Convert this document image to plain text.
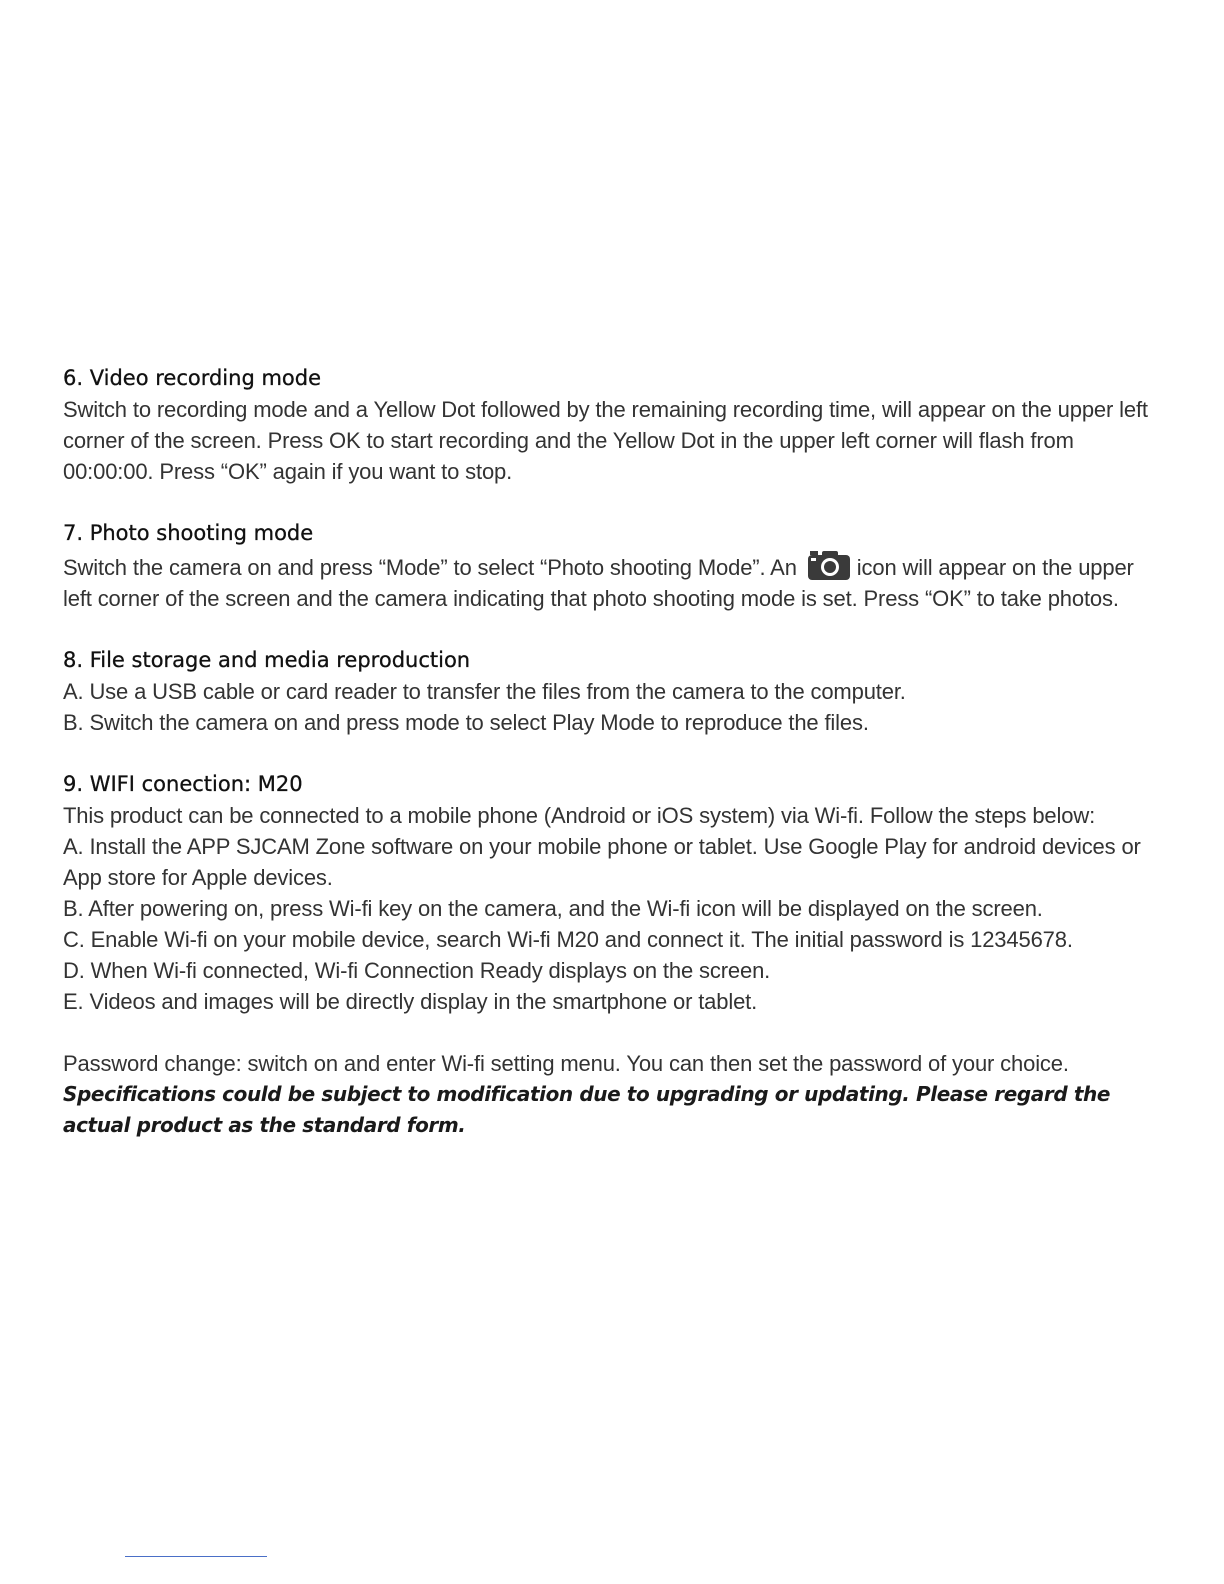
6. Video recording mode

Switch to recording mode and a Yellow Dot followed by the remaining recording time, will appear on the upper left corner of the screen. Press OK to start recording and the Yellow Dot in the upper left corner will flash from 00:00:00. Press “OK” again if you want to stop.

7. Photo shooting mode

Switch the camera on and press “Mode” to select “Photo shooting Mode”. An	icon will appear on the upper left corner of the screen and the camera indicating that photo shooting mode is set. Press “OK” to take photos.

8. File storage and media reproduction

A. Use a USB cable or card reader to transfer the files from the camera to the computer.

B. Switch the camera on and press mode to select Play Mode to reproduce the files.

9. WIFI conection: M20

This product can be connected to a mobile phone (Android or iOS system) via Wi-fi. Follow the steps below:

A. Install the APP SJCAM Zone software on your mobile phone or tablet. Use Google Play for android devices or App store for Apple devices.

B. After powering on, press Wi-fi key on the camera, and the Wi-fi icon will be displayed on the screen.

C. Enable Wi-fi on your mobile device, search Wi-fi M20 and connect it. The initial password is 12345678.

D. When Wi-fi connected, Wi-fi Connection Ready displays on the screen.

E. Videos and images will be directly display in the smartphone or tablet.

Password change: switch on and enter Wi-fi setting menu. You can then set the password of your choice.

Specifications could be subject to modification due to upgrading or updating. Please regard the actual product as the standard form.
